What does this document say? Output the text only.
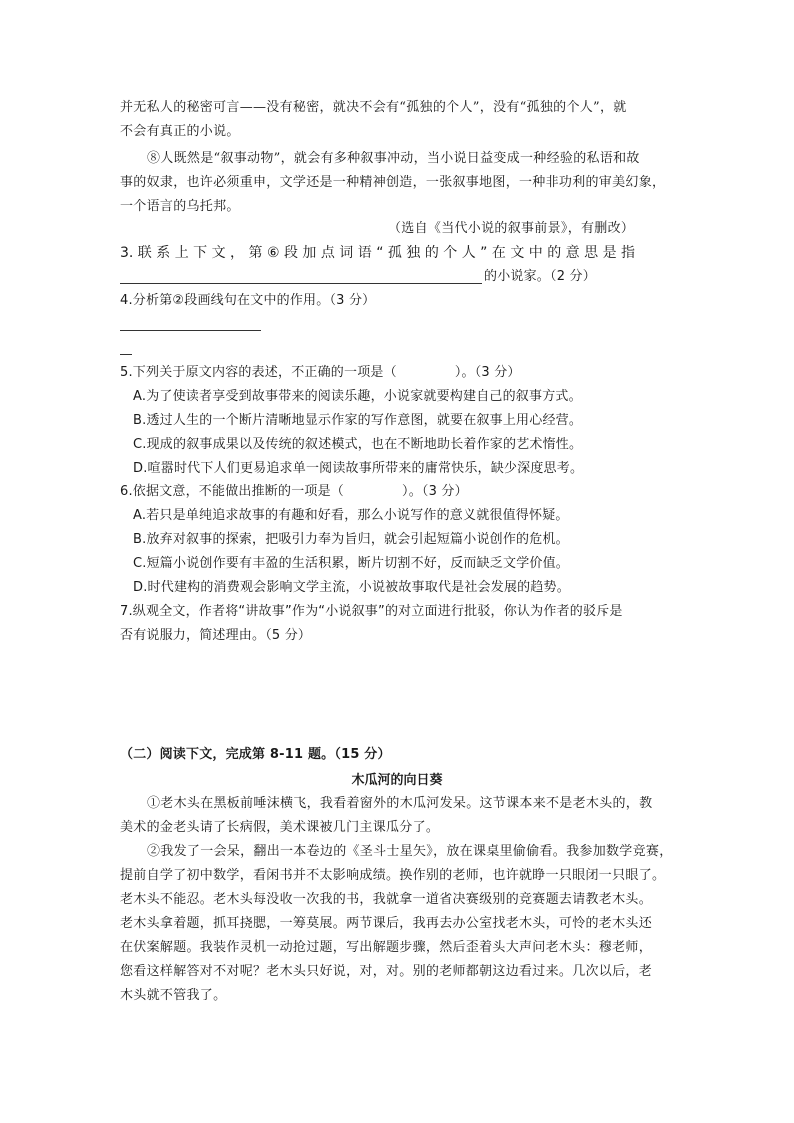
并无私人的秘密可言——没有秘密，就决不会有“孤独的个人”，没有“孤独的个人”，就
不会有真正的小说。
⑧人既然是“叙事动物”，就会有多种叙事冲动，当小说日益变成一种经验的私语和故
事的奴隶，也许必须重申，文学还是一种精神创造，一张叙事地图，一种非功利的审美幻象，
一个语言的乌托邦。
（选自《当代小说的叙事前景》，有删改）
3. 联 系 上 下 文 ， 第 ⑥ 段 加 点 词 语 “ 孤 独 的 个 人 ” 在 文 中 的 意 思 是 指
的小说家。（2 分）
4.分析第②段画线句在文中的作用。（3 分）
5.下列关于原文内容的表述，不正确的一项是（	）。（3 分）
A.为了使读者享受到故事带来的阅读乐趣，小说家就要构建自己的叙事方式。
B.透过人生的一个断片清晰地显示作家的写作意图，就要在叙事上用心经营。
C.现成的叙事成果以及传统的叙述模式，也在不断地助长着作家的艺术惰性。
D.喧嚣时代下人们更易追求单一阅读故事所带来的庸常快乐，缺少深度思考。
6.依据文意，不能做出推断的一项是（	）。（3 分）
A.若只是单纯追求故事的有趣和好看，那么小说写作的意义就很值得怀疑。
B.放弃对叙事的探索，把吸引力奉为旨归，就会引起短篇小说创作的危机。
C.短篇小说创作要有丰盈的生活积累，断片切割不好，反而缺乏文学价值。
D.时代建构的消费观会影响文学主流，小说被故事取代是社会发展的趋势。
7.纵观全文，作者将“讲故事”作为“小说叙事”的对立面进行批驳，你认为作者的驳斥是
否有说服力，简述理由。（5 分）
（二）阅读下文，完成第 8-11 题。（15 分）
木瓜河的向日葵
①老木头在黑板前唾沫横飞，我看着窗外的木瓜河发呆。这节课本来不是老木头的，教
美术的金老头请了长病假，美术课被几门主课瓜分了。
②我发了一会呆，翻出一本卷边的《圣斗士星矢》，放在课桌里偷偷看。我参加数学竞赛，
提前自学了初中数学，看闲书并不太影响成绩。换作别的老师，也许就睁一只眼闭一只眼了。
老木头不能忍。老木头每没收一次我的书，我就拿一道省决赛级别的竞赛题去请教老木头。
老木头拿着题，抓耳挠腮，一筹莫展。两节课后，我再去办公室找老木头，可怜的老木头还
在伏案解题。我装作灵机一动抢过题，写出解题步骤，然后歪着头大声问老木头：穆老师，
您看这样解答对不对呢？老木头只好说，对，对。别的老师都朝这边看过来。几次以后，老
木头就不管我了。
